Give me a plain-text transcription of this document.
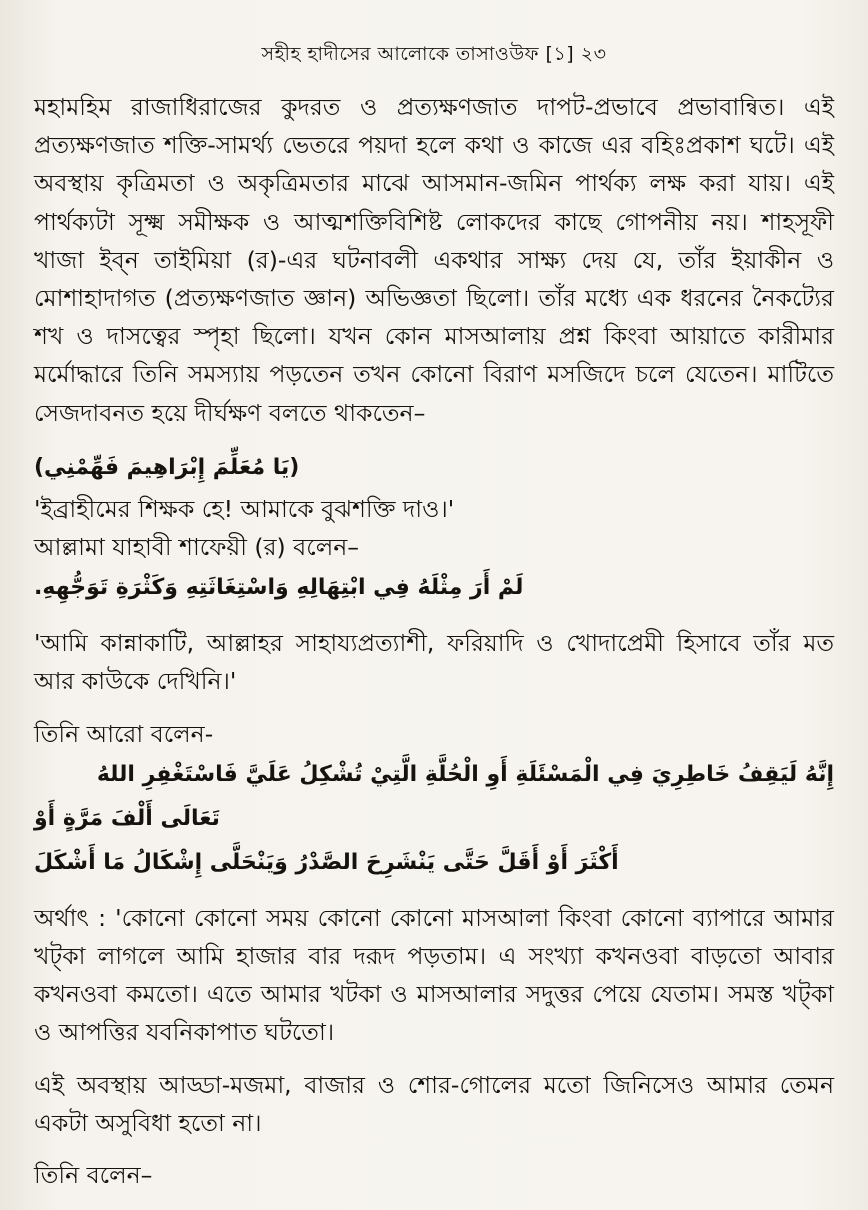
সহীহ হাদীসের আলোকে তাসাওউফ [১] ২৩

মহামহিম রাজাধিরাজের কুদরত ও প্রত্যক্ষণজাত দাপট-প্রভাবে প্রভাবান্বিত। এই প্রত্যক্ষণজাত শক্তি-সামর্থ্য ভেতরে পয়দা হলে কথা ও কাজে এর বহিঃপ্রকাশ ঘটে। এই অবস্থায় কৃত্রিমতা ও অকৃত্রিমতার মাঝে আসমান-জমিন পার্থক্য লক্ষ করা যায়। এই পার্থক্যটা সূক্ষ্ম সমীক্ষক ও আত্মশক্তিবিশিষ্ট লোকদের কাছে গোপনীয় নয়। শাহসূফী খাজা ইব্ন তাইমিয়া (র)-এর ঘটনাবলী একথার সাক্ষ্য দেয় যে, তাঁর ইয়াকীন ও মোশাহাদাগত (প্রত্যক্ষণজাত জ্ঞান) অভিজ্ঞতা ছিলো। তাঁর মধ্যে এক ধরনের নৈকট্যের শখ ও দাসত্বের স্পৃহা ছিলো। যখন কোন মাসআলায় প্রশ্ন কিংবা আয়াতে কারীমার মর্মোদ্ধারে তিনি সমস্যায় পড়তেন তখন কোনো বিরাণ মসজিদে চলে যেতেন। মাটিতে সেজদাবনত হয়ে দীর্ঘক্ষণ বলতে থাকতেন–

(يَا مُعَلِّمَ إِبْرَاهِيمَ فَهِّمْنِي)

'ইব্রাহীমের শিক্ষক হে! আমাকে বুঝশক্তি দাও।'

আল্লামা যাহাবী শাফেয়ী (র) বলেন–

لَمْ أَرَ مِثْلَهُ فِي ابْتِهَالِهِ وَاسْتِغَاثَتِهِ وَكَثْرَةِ تَوَجُّهِهِ.

'আমি কান্নাকাটি, আল্লাহর সাহায্যপ্রত্যাশী, ফরিয়াদি ও খোদাপ্রেমী হিসাবে তাঁর মত আর কাউকে দেখিনি।'

তিনি আরো বলেন-

إِنَّهُ لَيَقِفُ خَاطِرِيَ فِي الْمَسْئَلَةِ أَوِ الْحُلَّةِ الَّتِيْ تُشْكِلُ عَلَيَّ فَاسْتَغْفِرِ اللهُ تَعَالَى أَلْفَ مَرَّةٍ أَوْ

أَكْثَرَ أَوْ أَقَلَّ حَتَّى يَنْشَرِحَ الصَّدْرُ وَيَنْحَلَّى إِشْكَالُ مَا أَشْكَلَ

অর্থাৎ : 'কোনো কোনো সময় কোনো কোনো মাসআলা কিংবা কোনো ব্যাপারে আমার খট্‌কা লাগলে আমি হাজার বার দরূদ পড়তাম। এ সংখ্যা কখনওবা বাড়তো আবার কখনওবা কমতো। এতে আমার খটকা ও মাসআলার সদুত্তর পেয়ে যেতাম। সমস্ত খট্‌কা ও আপত্তির যবনিকাপাত ঘটতো।

এই অবস্থায় আড্ডা-মজমা, বাজার ও শোর-গোলের মতো জিনিসেও আমার তেমন একটা অসুবিধা হতো না।

তিনি বলেন–
